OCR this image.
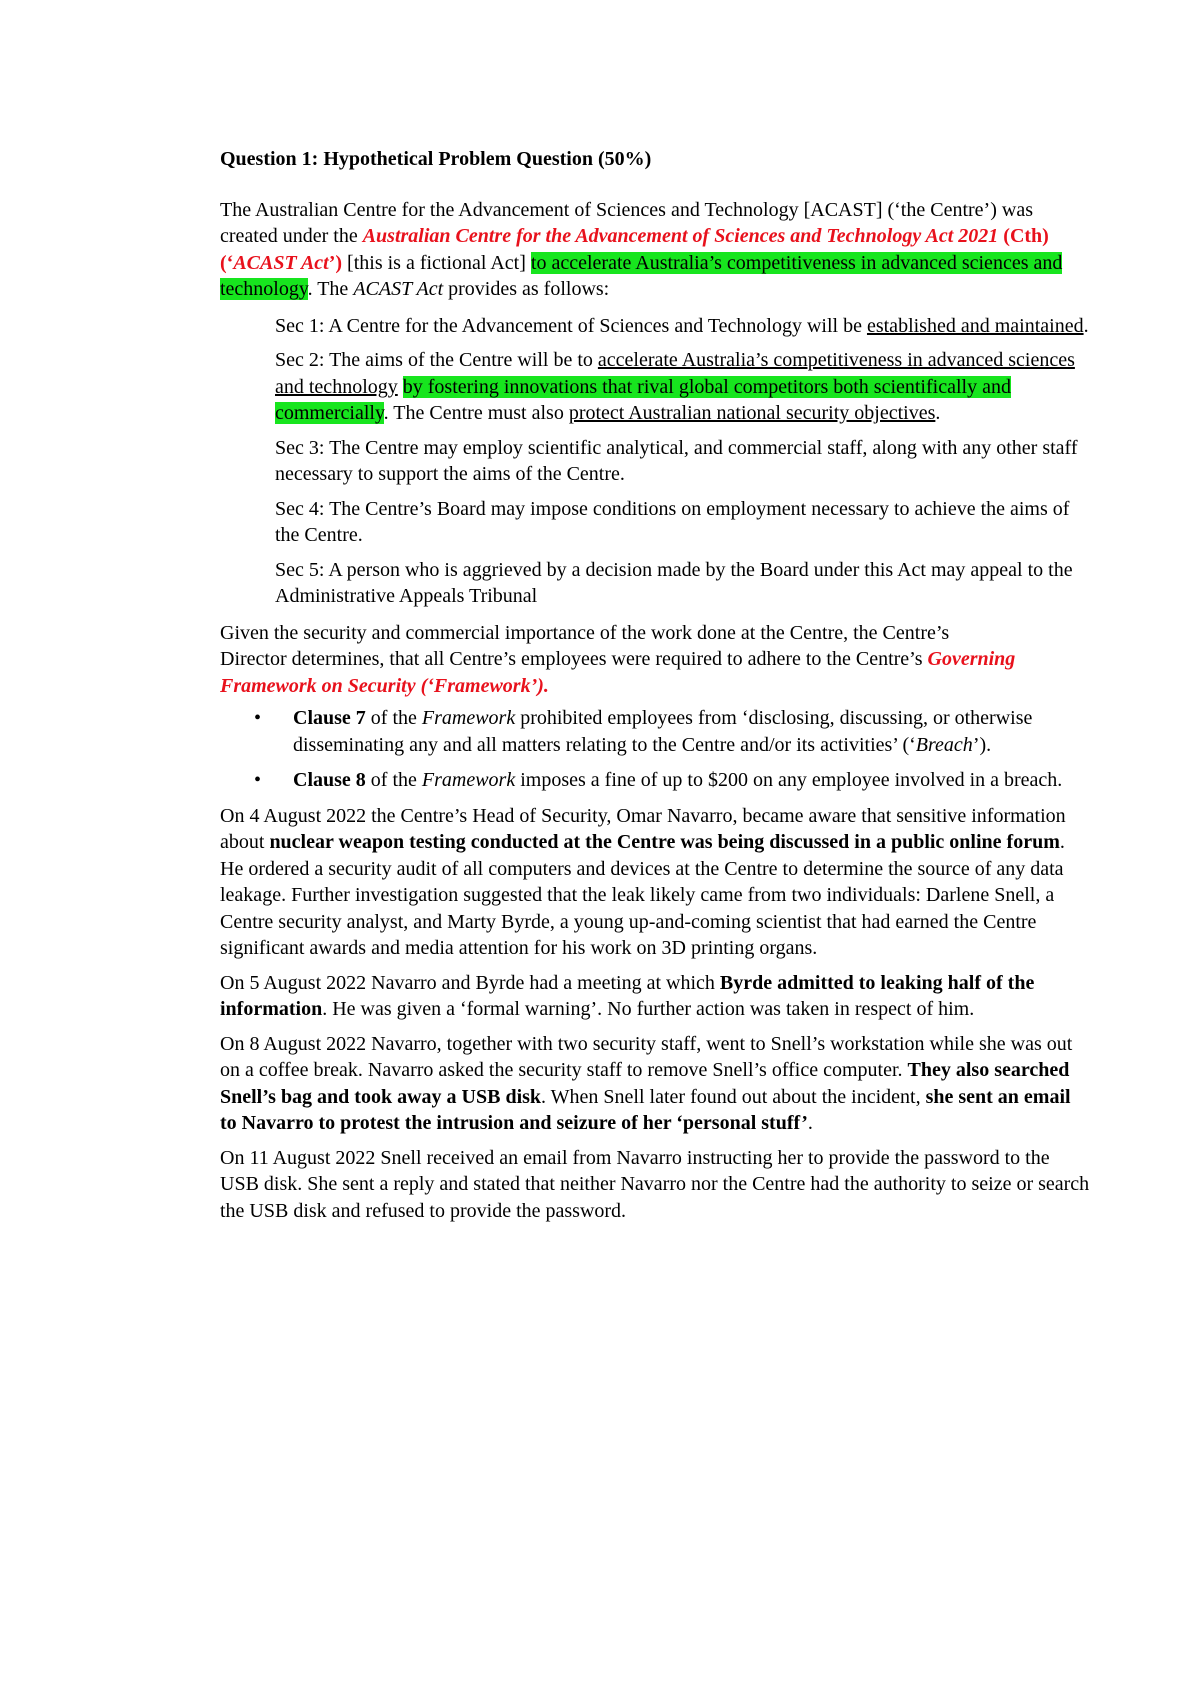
Question 1: Hypothetical Problem Question (50%)

The Australian Centre for the Advancement of Sciences and Technology [ACAST] (‘the Centre’) was created under the Australian Centre for the Advancement of Sciences and Technology Act 2021 (Cth) (‘ACAST Act’) [this is a fictional Act] to accelerate Australia’s competitiveness in advanced sciences and technology. The ACAST Act provides as follows:

Sec 1: A Centre for the Advancement of Sciences and Technology will be established and maintained.

Sec 2: The aims of the Centre will be to accelerate Australia’s competitiveness in advanced sciences and technology by fostering innovations that rival global competitors both scientifically and commercially. The Centre must also protect Australian national security objectives.

Sec 3: The Centre may employ scientific analytical, and commercial staff, along with any other staff necessary to support the aims of the Centre.

Sec 4: The Centre’s Board may impose conditions on employment necessary to achieve the aims of the Centre.

Sec 5: A person who is aggrieved by a decision made by the Board under this Act may appeal to the Administrative Appeals Tribunal

Given the security and commercial importance of the work done at the Centre, the Centre’s
Director determines, that all Centre’s employees were required to adhere to the Centre’s Governing Framework on Security (‘Framework’).

• Clause 7 of the Framework prohibited employees from ‘disclosing, discussing, or otherwise disseminating any and all matters relating to the Centre and/or its activities’ (‘Breach’).
• Clause 8 of the Framework imposes a fine of up to $200 on any employee involved in a breach.

On 4 August 2022 the Centre’s Head of Security, Omar Navarro, became aware that sensitive information about nuclear weapon testing conducted at the Centre was being discussed in a public online forum. He ordered a security audit of all computers and devices at the Centre to determine the source of any data leakage. Further investigation suggested that the leak likely came from two individuals: Darlene Snell, a Centre security analyst, and Marty Byrde, a young up-and-coming scientist that had earned the Centre significant awards and media attention for his work on 3D printing organs.

On 5 August 2022 Navarro and Byrde had a meeting at which Byrde admitted to leaking half of the information. He was given a ‘formal warning’. No further action was taken in respect of him.

On 8 August 2022 Navarro, together with two security staff, went to Snell’s workstation while she was out on a coffee break. Navarro asked the security staff to remove Snell’s office computer. They also searched Snell’s bag and took away a USB disk. When Snell later found out about the incident, she sent an email to Navarro to protest the intrusion and seizure of her ‘personal stuff’.

On 11 August 2022 Snell received an email from Navarro instructing her to provide the password to the USB disk. She sent a reply and stated that neither Navarro nor the Centre had the authority to seize or search the USB disk and refused to provide the password.
